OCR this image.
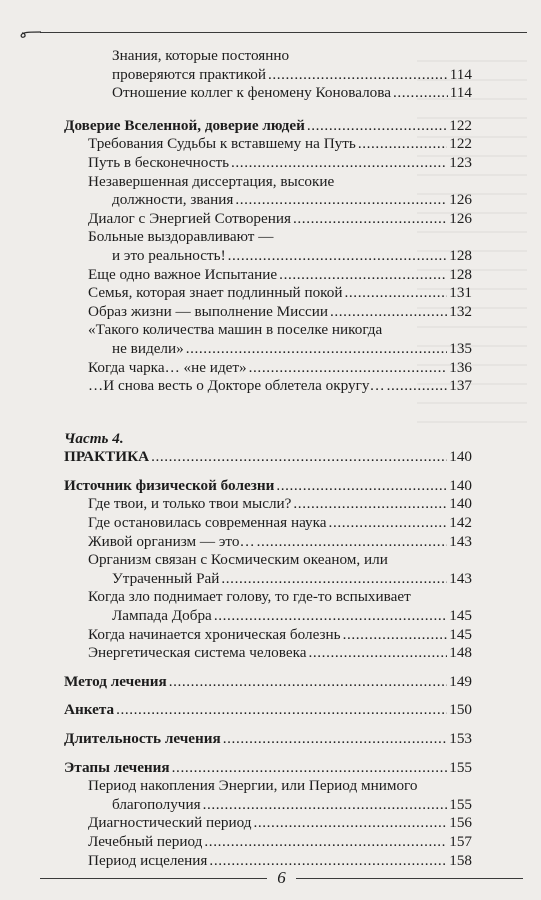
Знания, которые постоянно
проверяются практикой . . .	114
Отношение коллег к феномену Коновалова . . .	114
Доверие Вселенной, доверие людей . . .	122
Требования Судьбы к вставшему на Путь . . .	122
Путь в бесконечность . . .	123
Незавершенная диссертация, высокие
должности, звания . . .	126
Диалог с Энергией Сотворения . . .	126
Больные выздоравливают —
и это реальность! . . .	128
Еще одно важное Испытание . . .	128
Семья, которая знает подлинный покой . . .	131
Образ жизни — выполнение Миссии . . .	132
«Такого количества машин в поселке никогда
не видели» . . .	135
Когда чарка… «не идет» . . .	136
…И снова весть о Докторе облетела округу… . . .	137
Часть 4.
ПРАКТИКА . . .	140
Источник физической болезни . . .	140
Где твои, и только твои мысли? . . .	140
Где остановилась современная наука . . .	142
Живой организм — это… . . .	143
Организм связан с Космическим океаном, или
Утраченный Рай . . .	143
Когда зло поднимает голову, то где-то вспыхивает
Лампада Добра . . .	145
Когда начинается хроническая болезнь . . .	145
Энергетическая система человека . . .	148
Метод лечения . . .	149
Анкета . . .	150
Длительность лечения . . .	153
Этапы лечения . . .	155
Период накопления Энергии, или Период мнимого
благополучия . . .	155
Диагностический период . . .	156
Лечебный период . . .	157
Период исцеления . . .	158
6
